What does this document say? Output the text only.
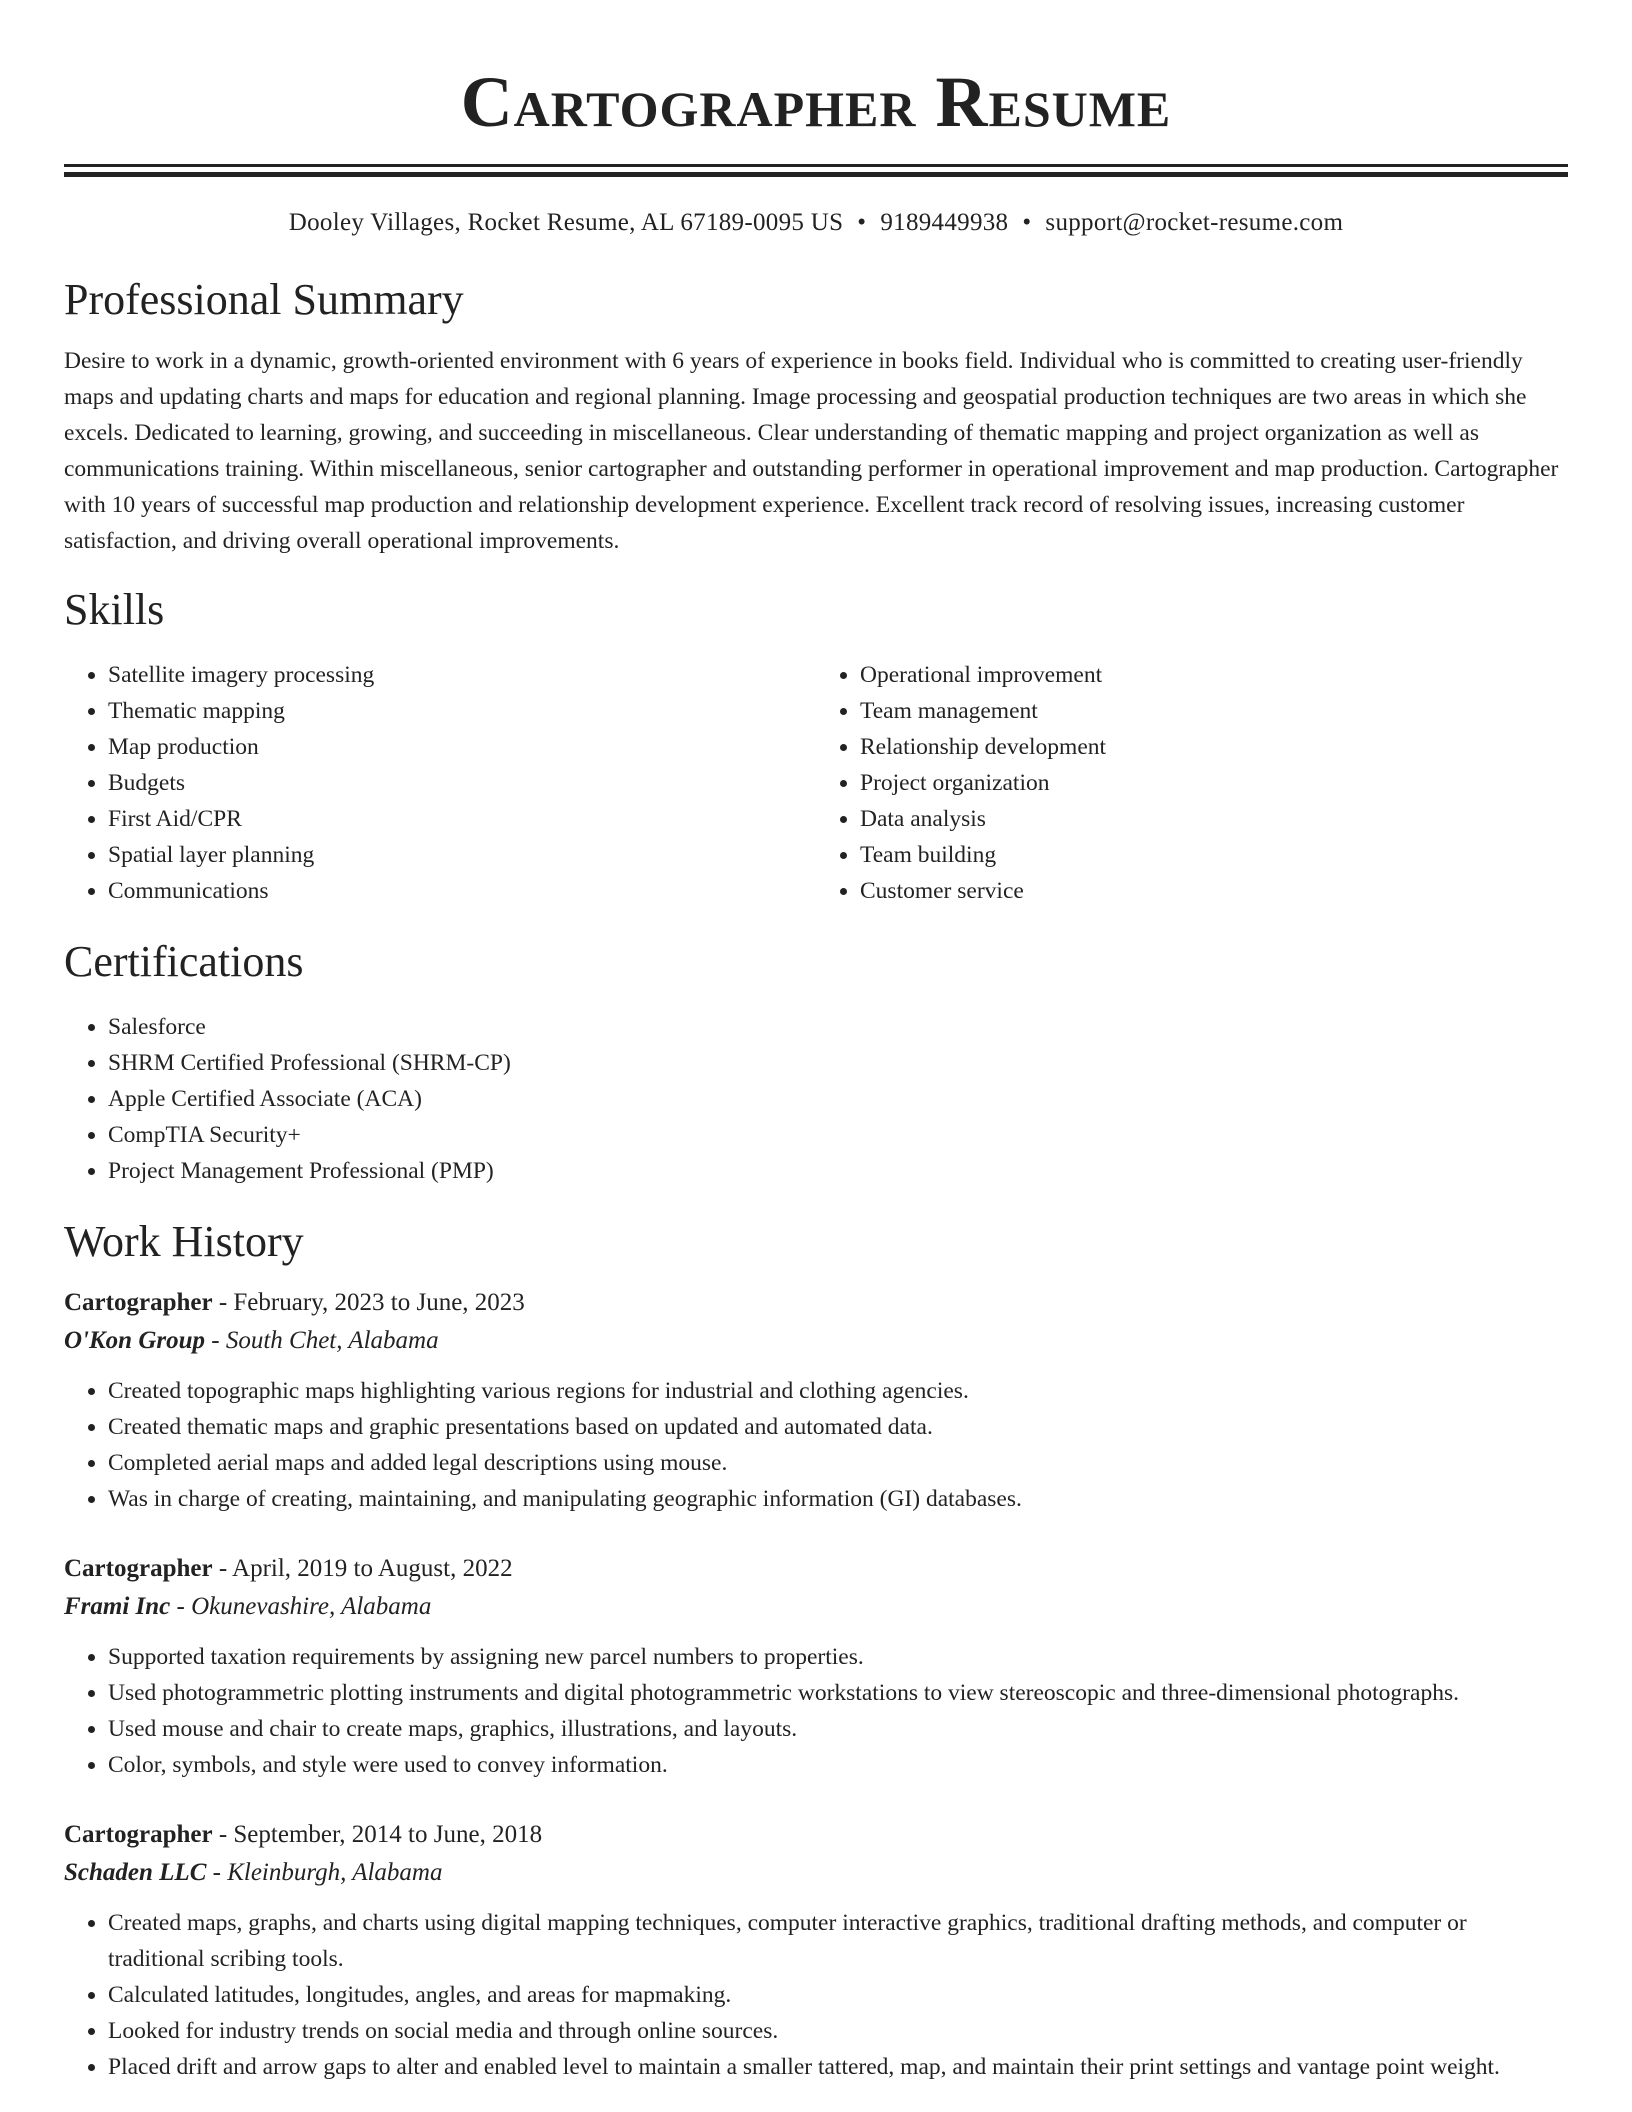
Cartographer Resume
Dooley Villages, Rocket Resume, AL 67189-0095 US • 9189449938 • support@rocket-resume.com
Professional Summary

Desire to work in a dynamic, growth-oriented environment with 6 years of experience in books field. Individual who is committed to creating user-friendly maps and updating charts and maps for education and regional planning. Image processing and geospatial production techniques are two areas in which she excels. Dedicated to learning, growing, and succeeding in miscellaneous. Clear understanding of thematic mapping and project organization as well as communications training. Within miscellaneous, senior cartographer and outstanding performer in operational improvement and map production. Cartographer with 10 years of successful map production and relationship development experience. Excellent track record of resolving issues, increasing customer satisfaction, and driving overall operational improvements.

Skills
• Satellite imagery processing
• Thematic mapping
• Map production
• Budgets
• First Aid/CPR
• Spatial layer planning
• Communications
• Operational improvement
• Team management
• Relationship development
• Project organization
• Data analysis
• Team building
• Customer service
Certifications
• Salesforce
• SHRM Certified Professional (SHRM-CP)
• Apple Certified Associate (ACA)
• CompTIA Security+
• Project Management Professional (PMP)
Work History
Cartographer - February, 2023 to June, 2023
O'Kon Group - South Chet, Alabama
• Created topographic maps highlighting various regions for industrial and clothing agencies.
• Created thematic maps and graphic presentations based on updated and automated data.
• Completed aerial maps and added legal descriptions using mouse.
• Was in charge of creating, maintaining, and manipulating geographic information (GI) databases.
Cartographer - April, 2019 to August, 2022
Frami Inc - Okunevashire, Alabama
• Supported taxation requirements by assigning new parcel numbers to properties.
• Used photogrammetric plotting instruments and digital photogrammetric workstations to view stereoscopic and three-dimensional photographs.
• Used mouse and chair to create maps, graphics, illustrations, and layouts.
• Color, symbols, and style were used to convey information.
Cartographer - September, 2014 to June, 2018
Schaden LLC - Kleinburgh, Alabama
• Created maps, graphs, and charts using digital mapping techniques, computer interactive graphics, traditional drafting methods, and computer or traditional scribing tools.
• Calculated latitudes, longitudes, angles, and areas for mapmaking.
• Looked for industry trends on social media and through online sources.
• Placed drift and arrow gaps to alter and enabled level to maintain a smaller tattered, map, and maintain their print settings and vantage point weight.
